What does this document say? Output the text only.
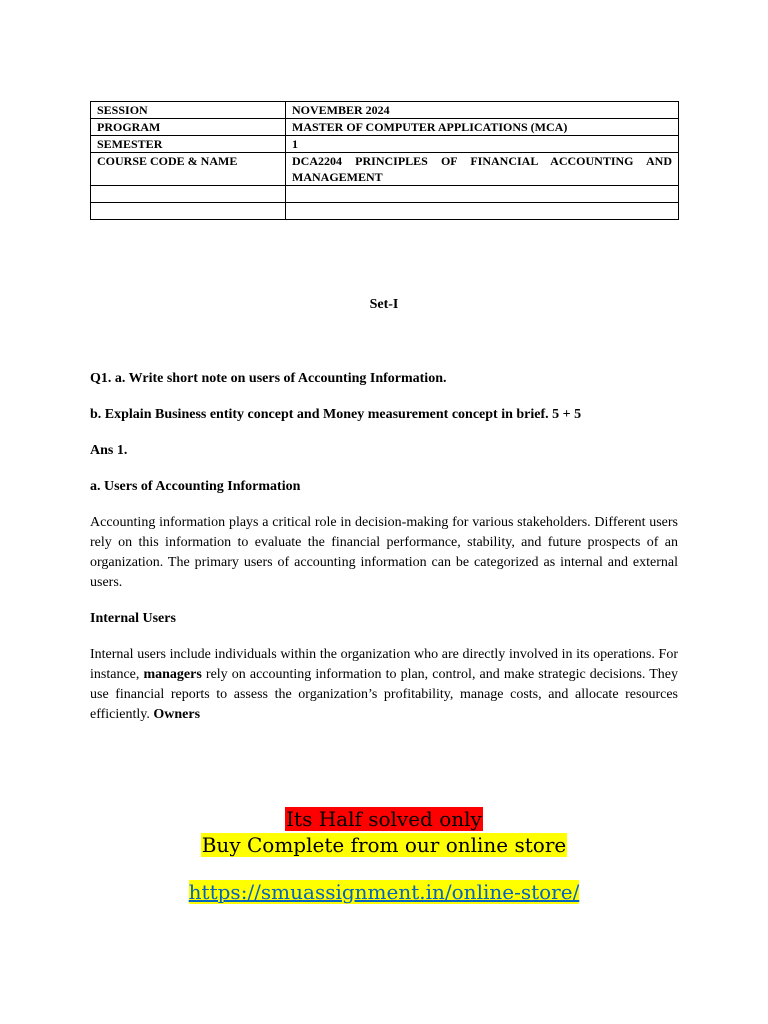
SESSION	NOVEMBER 2024
PROGRAM	MASTER OF COMPUTER APPLICATIONS (MCA)
SEMESTER	1
COURSE CODE & NAME	DCA2204 PRINCIPLES OF FINANCIAL ACCOUNTING AND MANAGEMENT

Set-I

Q1. a. Write short note on users of Accounting Information.

b. Explain Business entity concept and Money measurement concept in brief. 5 + 5

Ans 1.

a. Users of Accounting Information

Accounting information plays a critical role in decision-making for various stakeholders. Different users rely on this information to evaluate the financial performance, stability, and future prospects of an organization. The primary users of accounting information can be categorized as internal and external users.

Internal Users

Internal users include individuals within the organization who are directly involved in its operations. For instance, managers rely on accounting information to plan, control, and make strategic decisions. They use financial reports to assess the organization’s profitability, manage costs, and allocate resources efficiently. Owners

Its Half solved only
Buy Complete from our online store
https://smuassignment.in/online-store/
